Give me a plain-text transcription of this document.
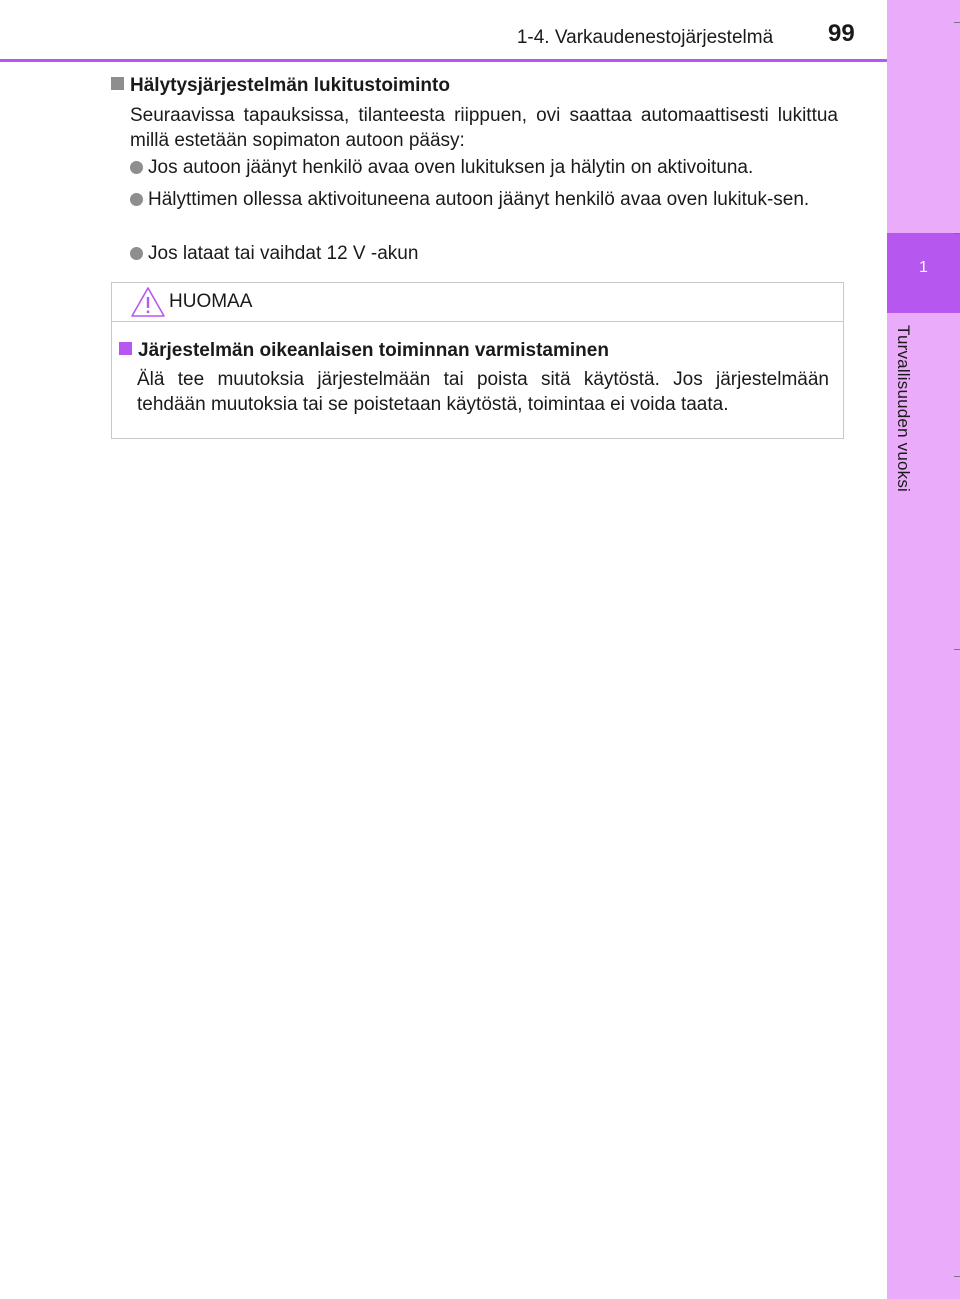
1-4. Varkaudenestojärjestelmä	99
1
Turvallisuuden vuoksi
Hälytysjärjestelmän lukitustoiminto
Seuraavissa tapauksissa, tilanteesta riippuen, ovi saattaa automaattisesti lukittua millä estetään sopimaton autoon pääsy:
Jos autoon jäänyt henkilö avaa oven lukituksen ja hälytin on aktivoituna.
Hälyttimen ollessa aktivoituneena autoon jäänyt henkilö avaa oven lukituk-sen.
Jos lataat tai vaihdat 12 V -akun
HUOMAA
Järjestelmän oikeanlaisen toiminnan varmistaminen
Älä tee muutoksia järjestelmään tai poista sitä käytöstä. Jos järjestelmään tehdään muutoksia tai se poistetaan käytöstä, toimintaa ei voida taata.
